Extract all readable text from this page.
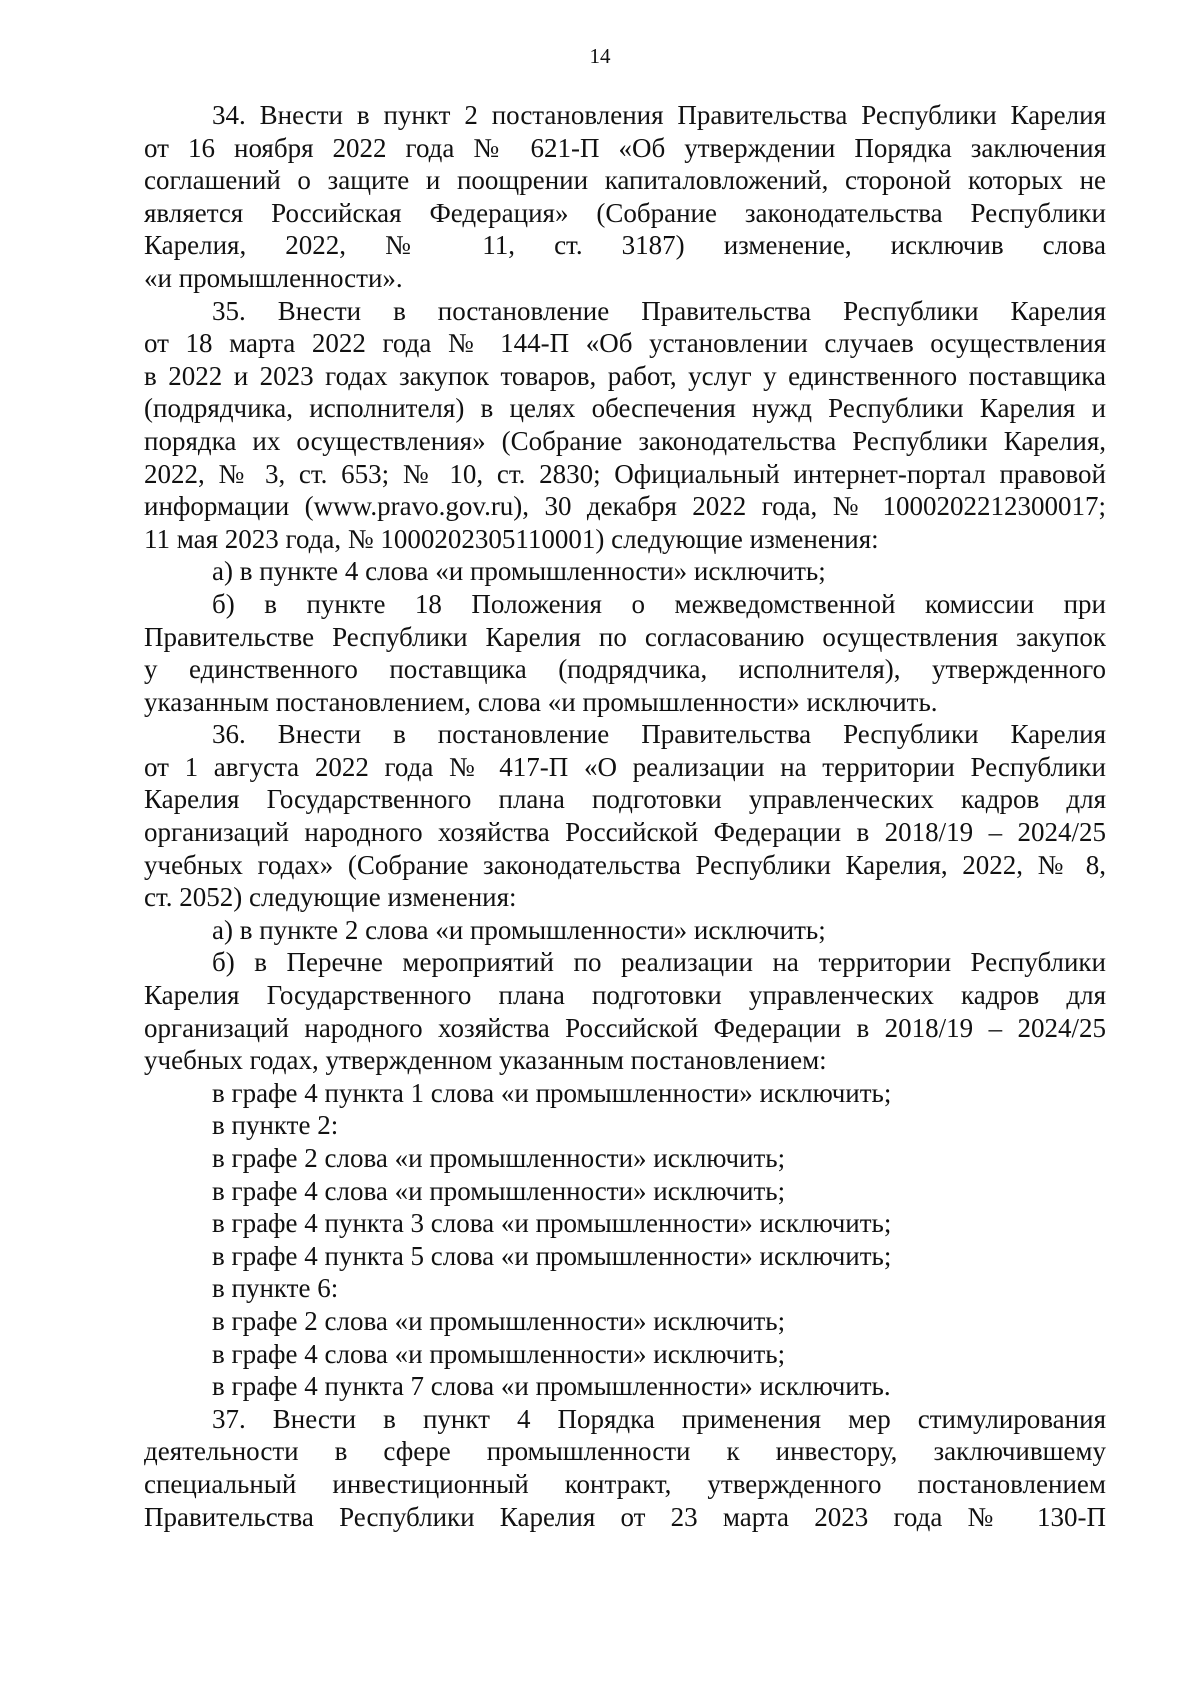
14
34. Внести в пункт 2 постановления Правительства Республики Карелия
от 16 ноября 2022 года № 621-П «Об утверждении Порядка заключения
соглашений о защите и поощрении капиталовложений, стороной которых не
является Российская Федерация» (Собрание законодательства Республики
Карелия, 2022, № 11, ст. 3187) изменение, исключив слова
«и промышленности».
35. Внести в постановление Правительства Республики Карелия
от 18 марта 2022 года № 144-П «Об установлении случаев осуществления
в 2022 и 2023 годах закупок товаров, работ, услуг у единственного поставщика
(подрядчика, исполнителя) в целях обеспечения нужд Республики Карелия и
порядка их осуществления» (Собрание законодательства Республики Карелия,
2022, № 3, ст. 653; № 10, ст. 2830; Официальный интернет-портал правовой
информации (www.pravo.gov.ru), 30 декабря 2022 года, № 1000202212300017;
11 мая 2023 года, № 1000202305110001) следующие изменения:
а) в пункте 4 слова «и промышленности» исключить;
б) в пункте 18 Положения о межведомственной комиссии при
Правительстве Республики Карелия по согласованию осуществления закупок
у единственного поставщика (подрядчика, исполнителя), утвержденного
указанным постановлением, слова «и промышленности» исключить.
36. Внести в постановление Правительства Республики Карелия
от 1 августа 2022 года № 417-П «О реализации на территории Республики
Карелия Государственного плана подготовки управленческих кадров для
организаций народного хозяйства Российской Федерации в 2018/19 – 2024/25
учебных годах» (Собрание законодательства Республики Карелия, 2022, № 8,
ст. 2052) следующие изменения:
а) в пункте 2 слова «и промышленности» исключить;
б) в Перечне мероприятий по реализации на территории Республики
Карелия Государственного плана подготовки управленческих кадров для
организаций народного хозяйства Российской Федерации в 2018/19 – 2024/25
учебных годах, утвержденном указанным постановлением:
в графе 4 пункта 1 слова «и промышленности» исключить;
в пункте 2:
в графе 2 слова «и промышленности» исключить;
в графе 4 слова «и промышленности» исключить;
в графе 4 пункта 3 слова «и промышленности» исключить;
в графе 4 пункта 5 слова «и промышленности» исключить;
в пункте 6:
в графе 2 слова «и промышленности» исключить;
в графе 4 слова «и промышленности» исключить;
в графе 4 пункта 7 слова «и промышленности» исключить.
37. Внести в пункт 4 Порядка применения мер стимулирования
деятельности в сфере промышленности к инвестору, заключившему
специальный инвестиционный контракт, утвержденного постановлением
Правительства Республики Карелия от 23 марта 2023 года № 130-П
